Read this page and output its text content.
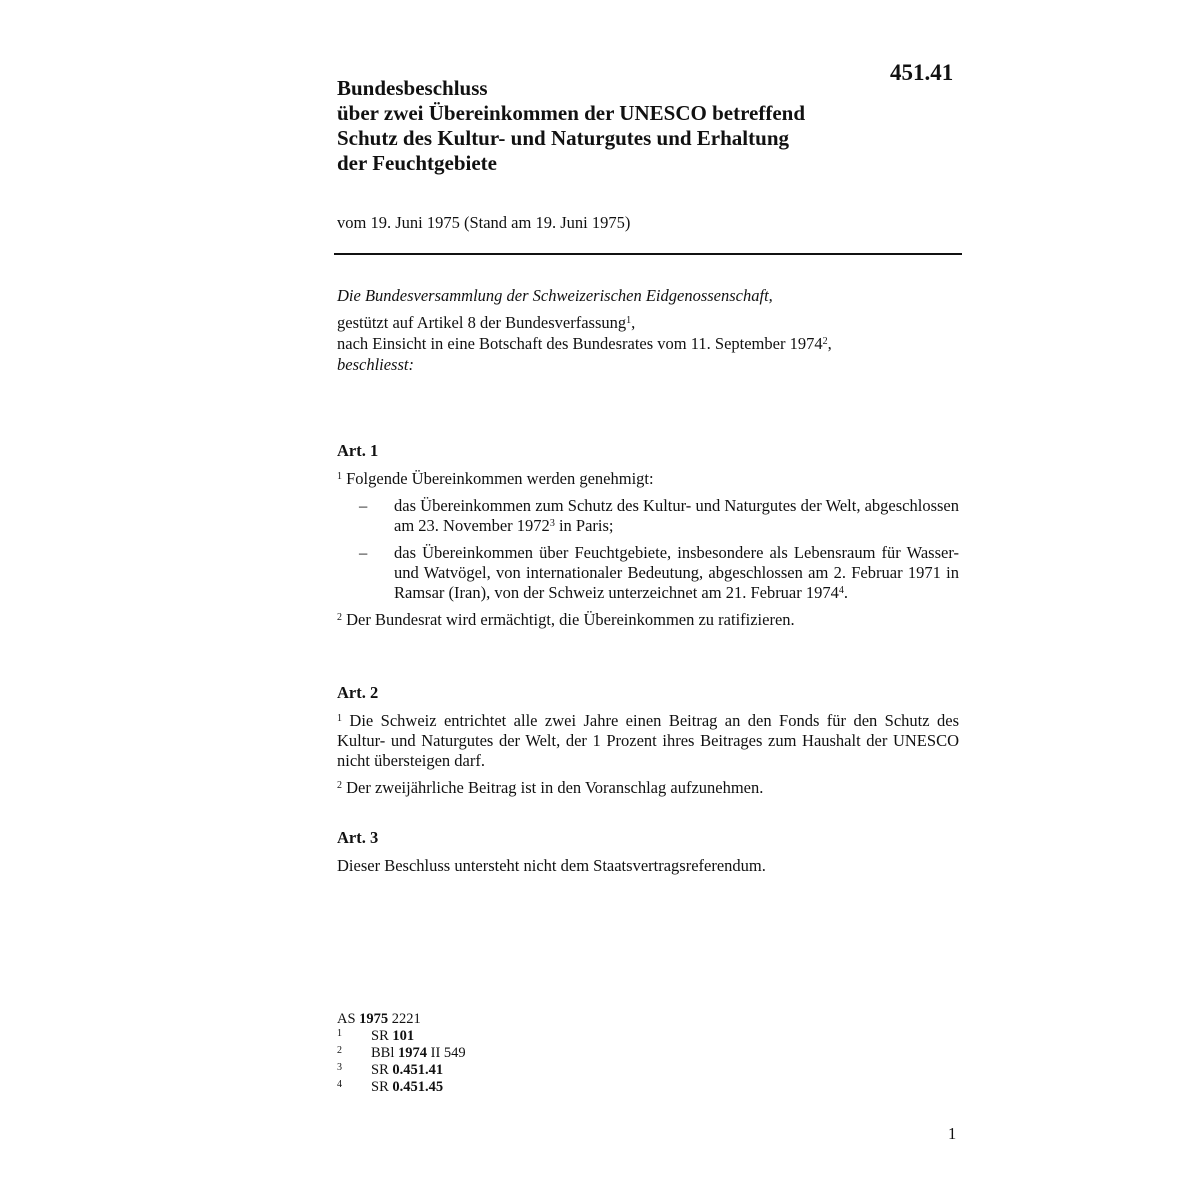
451.41
Bundesbeschluss
über zwei Übereinkommen der UNESCO betreffend
Schutz des Kultur- und Naturgutes und Erhaltung
der Feuchtgebiete
vom 19. Juni 1975 (Stand am 19. Juni 1975)

Die Bundesversammlung der Schweizerischen Eidgenossenschaft,

gestützt auf Artikel 8 der Bundesverfassung$^1$,

nach Einsicht in eine Botschaft des Bundesrates vom 11. September 1974$^2$,

beschliesst:

Art. 1

$^1$ Folgende Übereinkommen werden genehmigt:

– das Übereinkommen zum Schutz des Kultur- und Naturgutes der Welt, abgeschlossen am 23. November 1972$^3$ in Paris;
– das Übereinkommen über Feuchtgebiete, insbesondere als Lebensraum für Wasser- und Watvögel, von internationaler Bedeutung, abgeschlossen am 2. Februar 1971 in Ramsar (Iran), von der Schweiz unterzeichnet am 21. Februar 1974$^4$.

$^2$ Der Bundesrat wird ermächtigt, die Übereinkommen zu ratifizieren.

Art. 2

$^1$ Die Schweiz entrichtet alle zwei Jahre einen Beitrag an den Fonds für den Schutz des Kultur- und Naturgutes der Welt, der 1 Prozent ihres Beitrages zum Haushalt der UNESCO nicht übersteigen darf.

$^2$ Der zweijährliche Beitrag ist in den Voranschlag aufzunehmen.

Art. 3

Dieser Beschluss untersteht nicht dem Staatsvertragsreferendum.

AS 1975 2221
1 SR 101
2 BBl 1974 II 549
3 SR 0.451.41
4 SR 0.451.45
1
